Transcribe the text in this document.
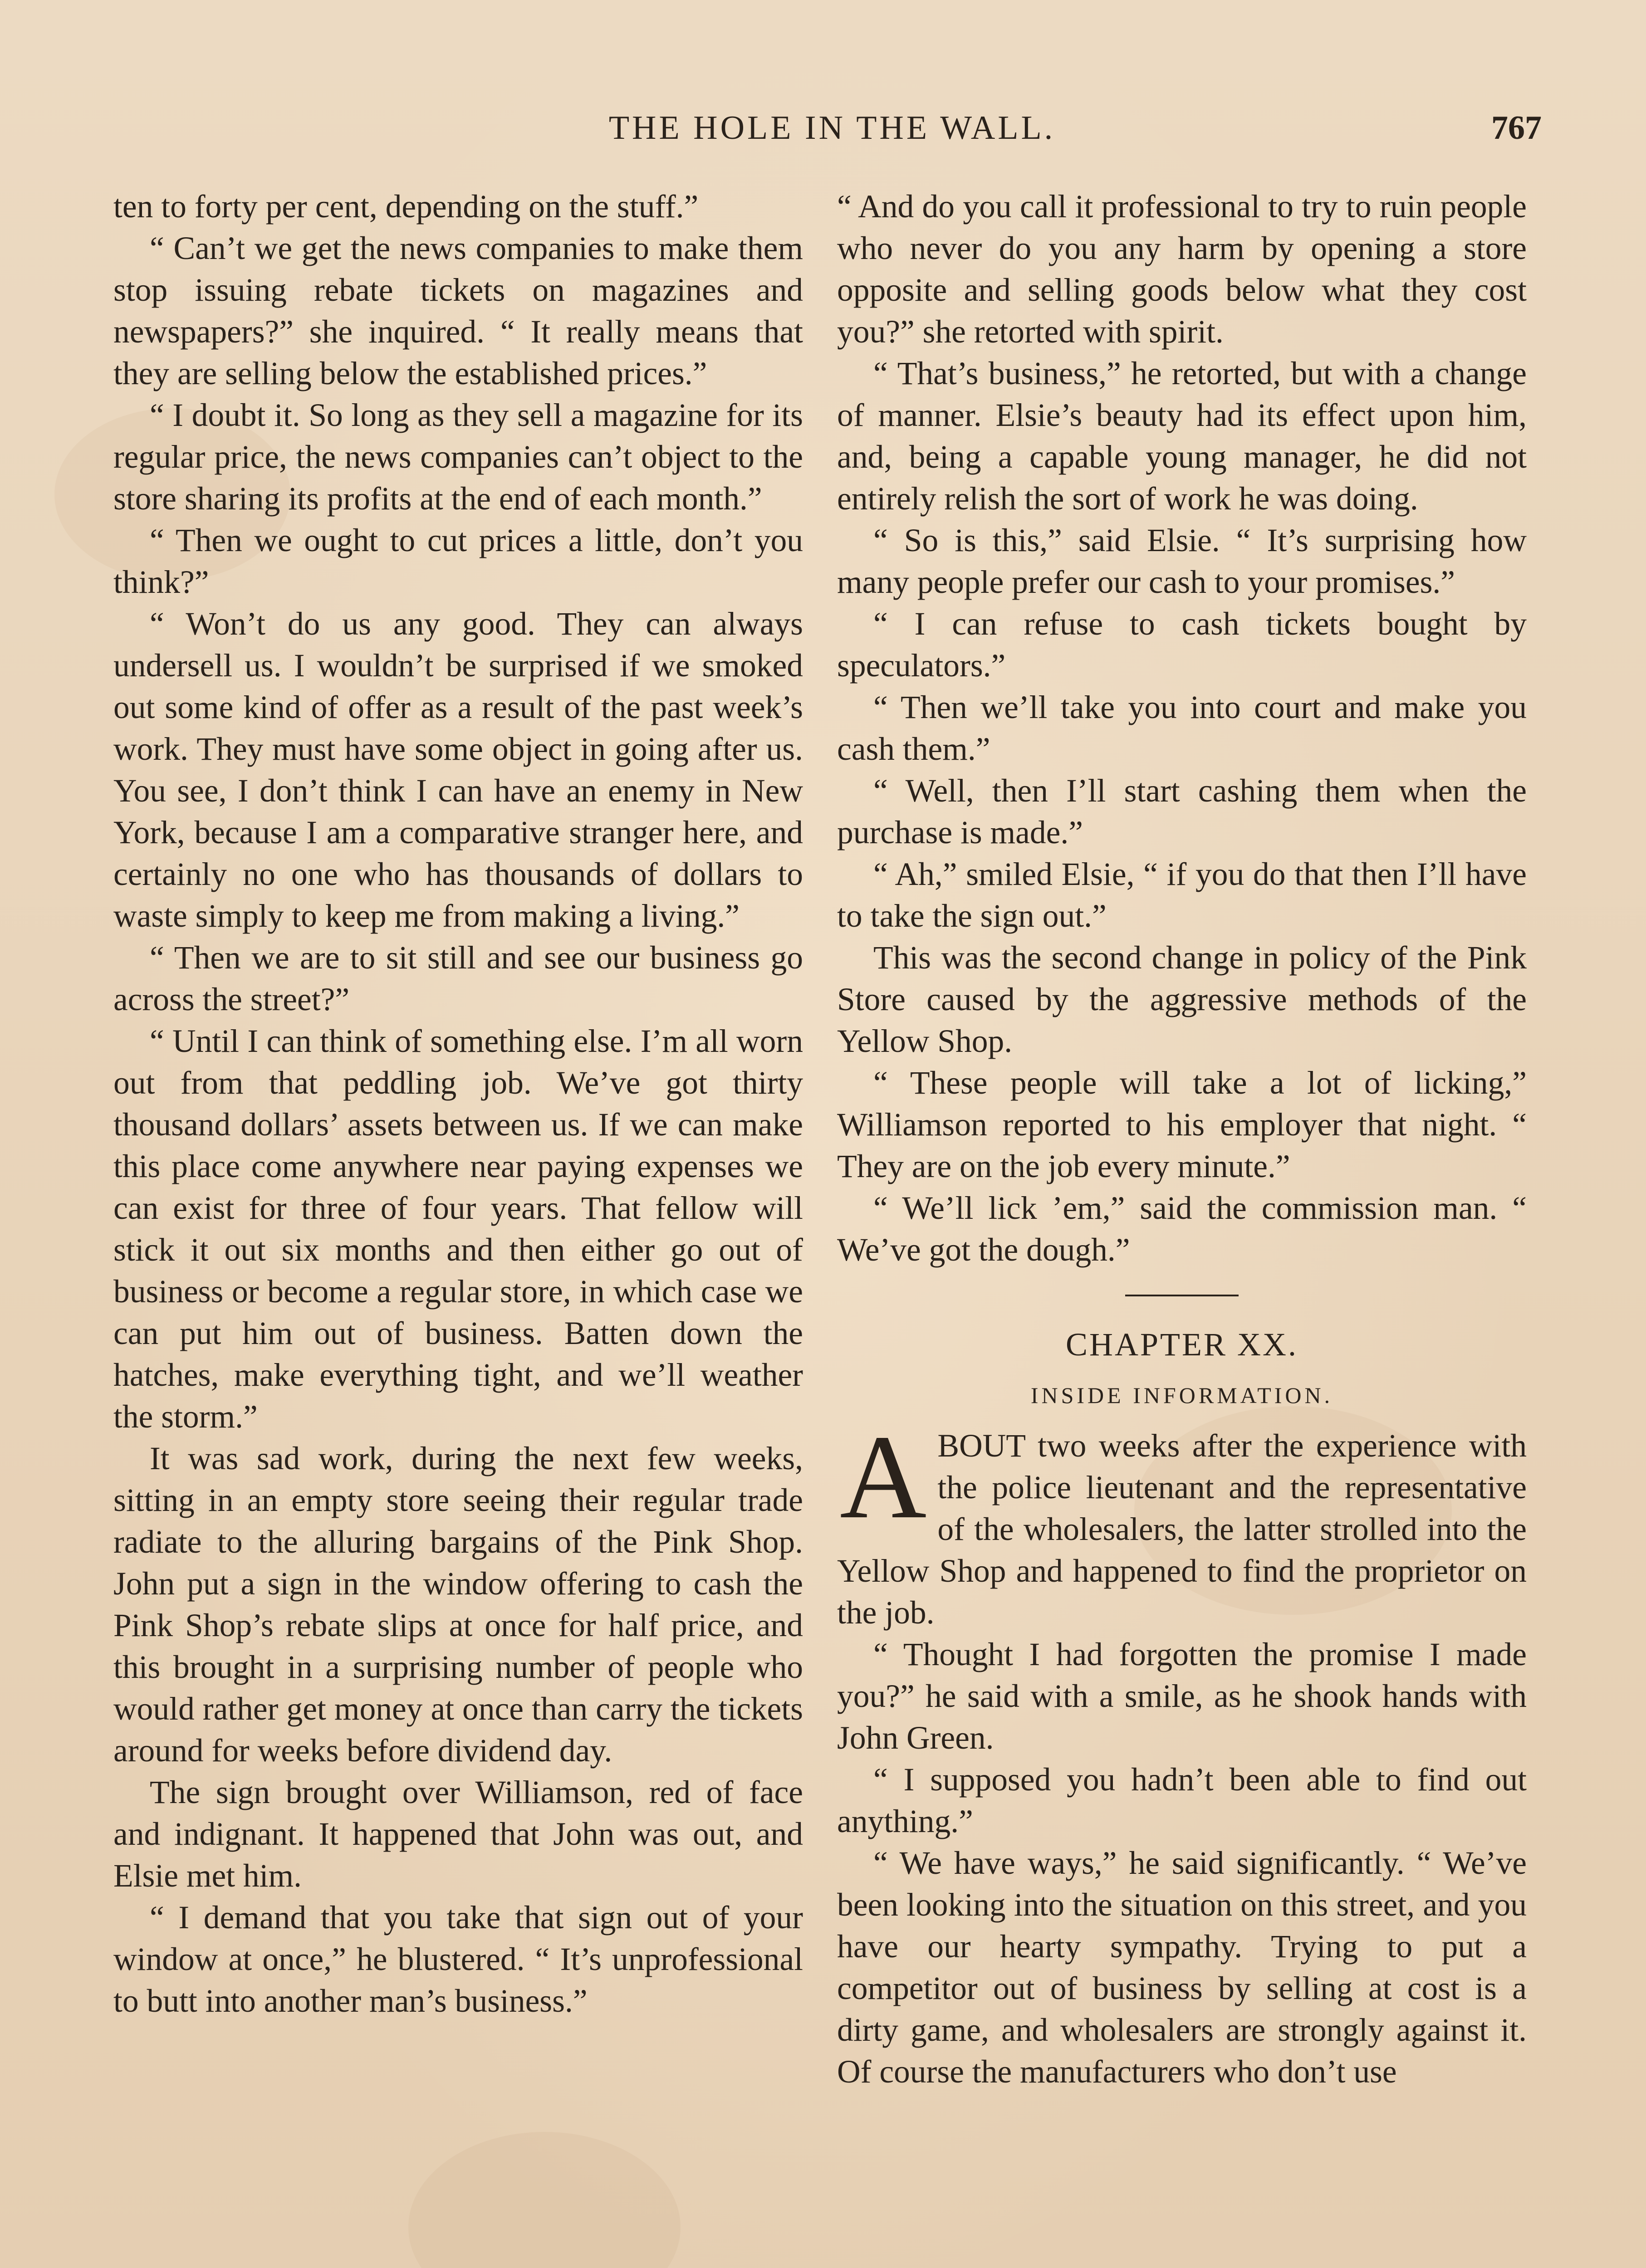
THE HOLE IN THE WALL.	767

ten to forty per cent, depending on the stuff.”

“ Can’t we get the news companies to make them stop issuing rebate tickets on magazines and newspapers?” she inquired. “ It really means that they are selling below the established prices.”

“ I doubt it. So long as they sell a magazine for its regular price, the news companies can’t object to the store sharing its profits at the end of each month.”

“ Then we ought to cut prices a little, don’t you think?”

“ Won’t do us any good. They can always undersell us. I wouldn’t be surprised if we smoked out some kind of offer as a result of the past week’s work. They must have some object in going after us. You see, I don’t think I can have an enemy in New York, because I am a comparative stranger here, and certainly no one who has thousands of dollars to waste simply to keep me from making a living.”

“ Then we are to sit still and see our business go across the street?”

“ Until I can think of something else. I’m all worn out from that peddling job. We’ve got thirty thousand dollars’ assets between us. If we can make this place come anywhere near paying expenses we can exist for three of four years. That fellow will stick it out six months and then either go out of business or become a regular store, in which case we can put him out of business. Batten down the hatches, make everything tight, and we’ll weather the storm.”

It was sad work, during the next few weeks, sitting in an empty store seeing their regular trade radiate to the alluring bargains of the Pink Shop. John put a sign in the window offering to cash the Pink Shop’s rebate slips at once for half price, and this brought in a surprising number of people who would rather get money at once than carry the tickets around for weeks before dividend day.

The sign brought over Williamson, red of face and indignant. It happened that John was out, and Elsie met him.

“ I demand that you take that sign out of your window at once,” he blustered. “ It’s unprofessional to butt into another man’s business.”

“ And do you call it professional to try to ruin people who never do you any harm by opening a store opposite and selling goods below what they cost you?” she retorted with spirit.

“ That’s business,” he retorted, but with a change of manner. Elsie’s beauty had its effect upon him, and, being a capable young manager, he did not entirely relish the sort of work he was doing.

“ So is this,” said Elsie. “ It’s surprising how many people prefer our cash to your promises.”

“ I can refuse to cash tickets bought by speculators.”

“ Then we’ll take you into court and make you cash them.”

“ Well, then I’ll start cashing them when the purchase is made.”

“ Ah,” smiled Elsie, “ if you do that then I’ll have to take the sign out.”

This was the second change in policy of the Pink Store caused by the aggressive methods of the Yellow Shop.

“ These people will take a lot of licking,” Williamson reported to his employer that night. “ They are on the job every minute.”

“ We’ll lick ’em,” said the commission man. “ We’ve got the dough.”

CHAPTER XX.

INSIDE INFORMATION.

ABOUT two weeks after the experience with the police lieutenant and the representative of the wholesalers, the latter strolled into the Yellow Shop and happened to find the proprietor on the job.

“ Thought I had forgotten the promise I made you?” he said with a smile, as he shook hands with John Green.

“ I supposed you hadn’t been able to find out anything.”

“ We have ways,” he said significantly. “ We’ve been looking into the situation on this street, and you have our hearty sympathy. Trying to put a competitor out of business by selling at cost is a dirty game, and wholesalers are strongly against it. Of course the manufacturers who don’t use
